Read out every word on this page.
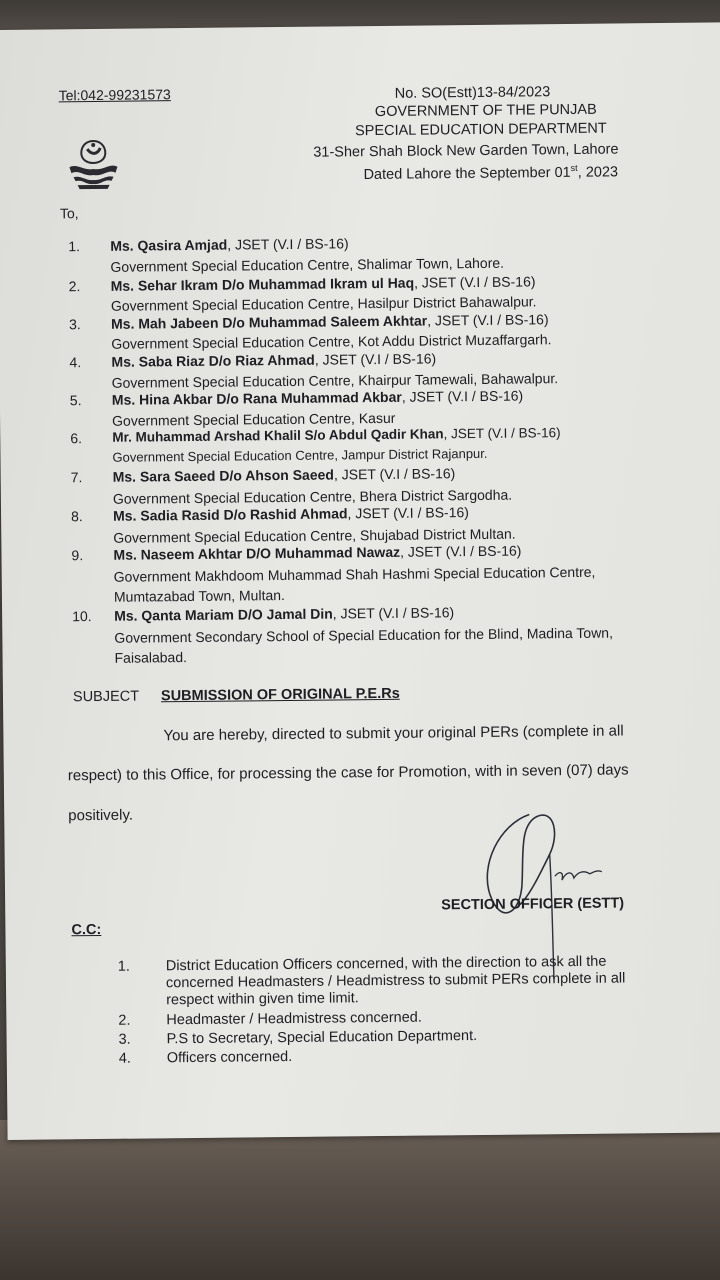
Tel:042-99231573	No. SO(Estt)13-84/2023
GOVERNMENT OF THE PUNJAB
SPECIAL EDUCATION DEPARTMENT
31-Sher Shah Block New Garden Town, Lahore
Dated Lahore the September 01st, 2023
To,
1. Ms. Qasira Amjad, JSET (V.I / BS-16)
Government Special Education Centre, Shalimar Town, Lahore.
2. Ms. Sehar Ikram D/o Muhammad Ikram ul Haq, JSET (V.I / BS-16)
Government Special Education Centre, Hasilpur District Bahawalpur.
3. Ms. Mah Jabeen D/o Muhammad Saleem Akhtar, JSET (V.I / BS-16)
Government Special Education Centre, Kot Addu District Muzaffargarh.
4. Ms. Saba Riaz D/o Riaz Ahmad, JSET (V.I / BS-16)
Government Special Education Centre, Khairpur Tamewali, Bahawalpur.
5. Ms. Hina Akbar D/o Rana Muhammad Akbar, JSET (V.I / BS-16)
Government Special Education Centre, Kasur
6. Mr. Muhammad Arshad Khalil S/o Abdul Qadir Khan, JSET (V.I / BS-16)
Government Special Education Centre, Jampur District Rajanpur.
7. Ms. Sara Saeed D/o Ahson Saeed, JSET (V.I / BS-16)
Government Special Education Centre, Bhera District Sargodha.
8. Ms. Sadia Rasid D/o Rashid Ahmad, JSET (V.I / BS-16)
Government Special Education Centre, Shujabad District Multan.
9. Ms. Naseem Akhtar D/O Muhammad Nawaz, JSET (V.I / BS-16)
Government Makhdoom Muhammad Shah Hashmi Special Education Centre, Mumtazabad Town, Multan.
10. Ms. Qanta Mariam D/O Jamal Din, JSET (V.I / BS-16)
Government Secondary School of Special Education for the Blind, Madina Town, Faisalabad.
SUBJECT SUBMISSION OF ORIGINAL P.E.Rs
You are hereby, directed to submit your original PERs (complete in all
respect) to this Office, for processing the case for Promotion, with in seven (07) days
positively.
SECTION OFFICER (ESTT)
C.C:
1. District Education Officers concerned, with the direction to ask all the concerned Headmasters / Headmistress to submit PERs complete in all respect within given time limit.
2. Headmaster / Headmistress concerned.
3. P.S to Secretary, Special Education Department.
4. Officers concerned.
